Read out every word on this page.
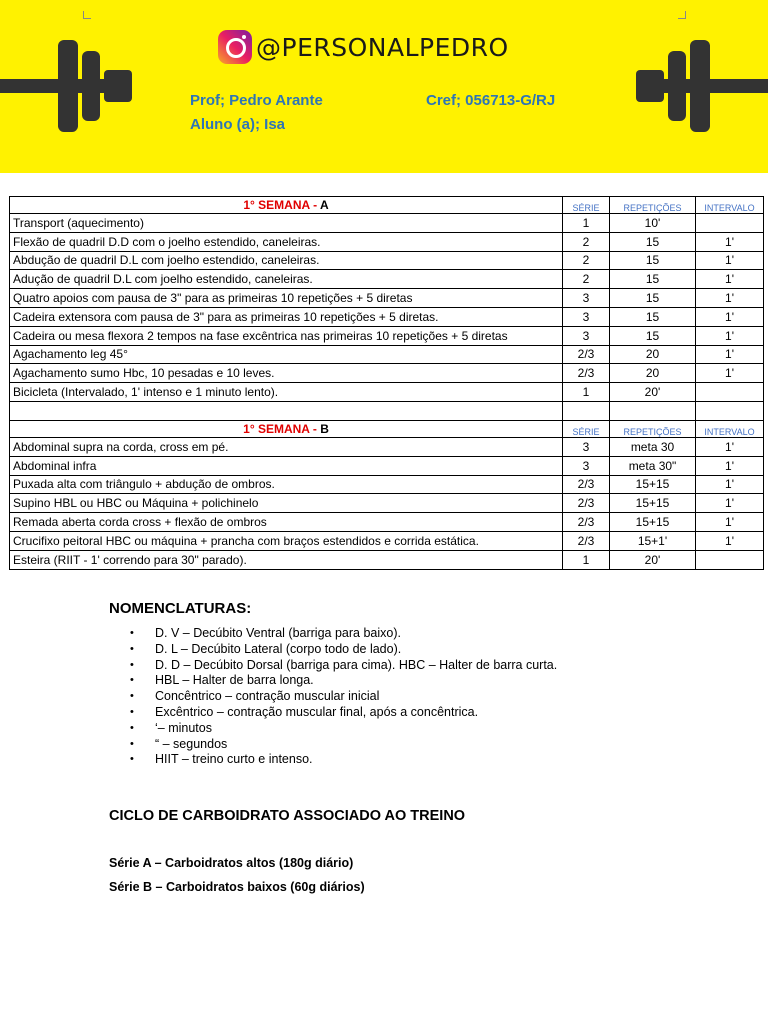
@PERSONALPEDRO
Prof; Pedro Arante	Cref; 056713-G/RJ
Aluno (a); Isa
1° SEMANA - A	SÉRIE	REPETIÇÕES	INTERVALO
Transport (aquecimento)	1	10'	
Flexão de quadril D.D com o joelho estendido, caneleiras.	2	15	1'
Abdução de quadril D.L com joelho estendido, caneleiras.	2	15	1'
Adução de quadril D.L com joelho estendido, caneleiras.	2	15	1'
Quatro apoios com pausa de 3" para as primeiras 10 repetições + 5 diretas	3	15	1'
Cadeira extensora com pausa de 3" para as primeiras 10 repetições + 5 diretas.	3	15	1'
Cadeira ou mesa flexora 2 tempos na fase excêntrica nas primeiras 10 repetições + 5 diretas	3	15	1'
Agachamento leg 45°	2/3	20	1'
Agachamento sumo Hbc, 10 pesadas e 10 leves.	2/3	20	1'
Bicicleta (Intervalado, 1' intenso e 1 minuto lento).	1	20'	

1° SEMANA - B	SÉRIE	REPETIÇÕES	INTERVALO
Abdominal supra na corda, cross em pé.	3	meta 30	1'
Abdominal infra	3	meta 30"	1'
Puxada alta com triângulo + abdução de ombros.	2/3	15+15	1'
Supino HBL ou HBC ou Máquina + polichinelo	2/3	15+15	1'
Remada aberta corda cross + flexão de ombros	2/3	15+15	1'
Crucifixo peitoral HBC ou máquina + prancha com braços estendidos e corrida estática.	2/3	15+1'	1'
Esteira (RIIT - 1' correndo para 30" parado).	1	20'	
NOMENCLATURAS:
• D. V – Decúbito Ventral (barriga para baixo).
• D. L – Decúbito Lateral (corpo todo de lado).
• D. D – Decúbito Dorsal (barriga para cima). HBC – Halter de barra curta.
• HBL – Halter de barra longa.
• Concêntrico – contração muscular inicial
• Excêntrico – contração muscular final, após a concêntrica.
• ‘– minutos
• “ – segundos
• HIIT – treino curto e intenso.
CICLO DE CARBOIDRATO ASSOCIADO AO TREINO
Série A – Carboidratos altos (180g diário)
Série B – Carboidratos baixos (60g diários)
